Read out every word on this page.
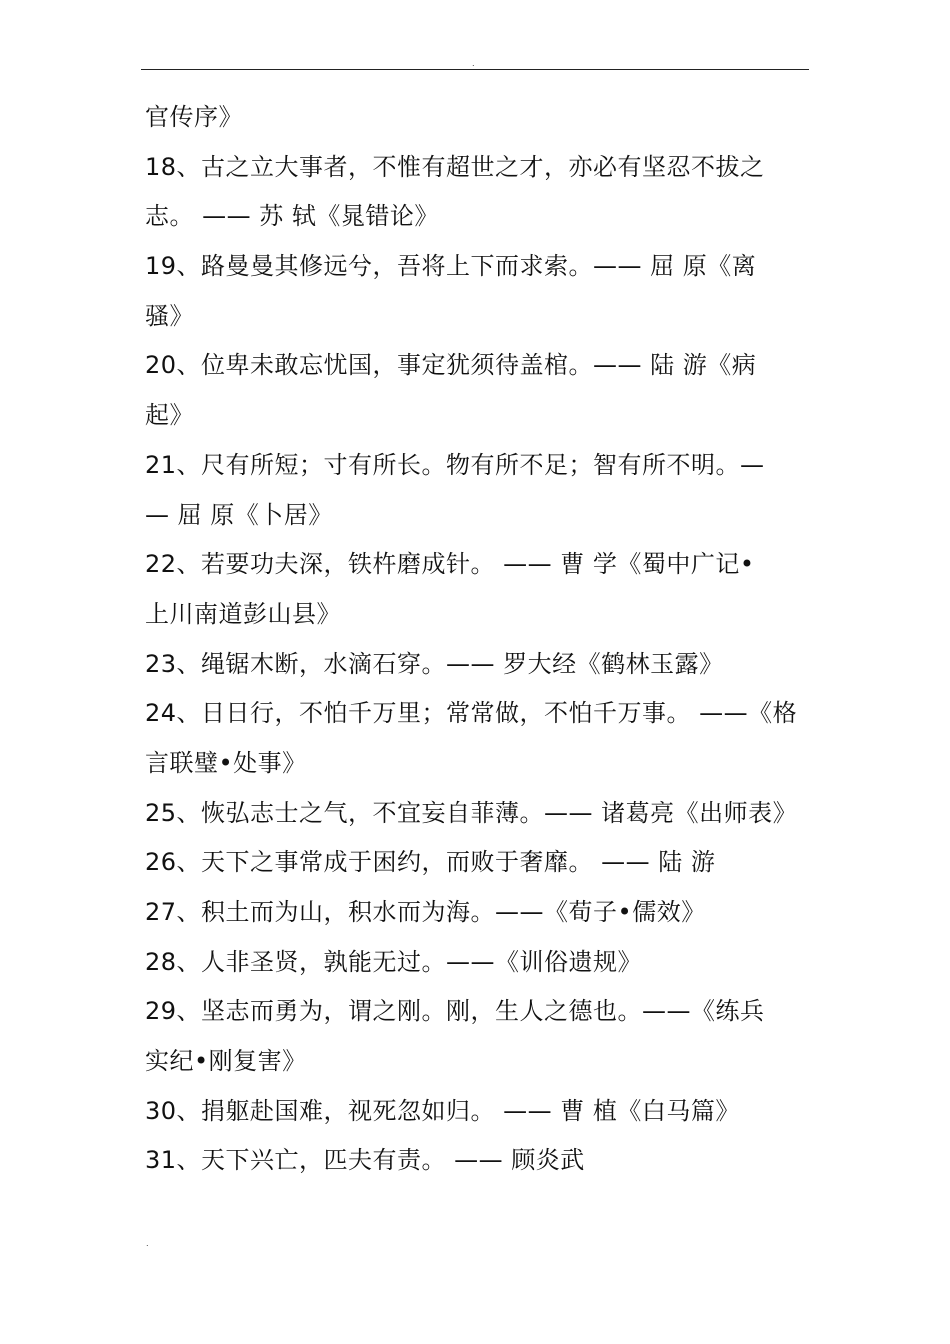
.
官传序》
18、古之立大事者，不惟有超世之才，亦必有坚忍不拔之
志。 —— 苏 轼《晁错论》
19、路曼曼其修远兮，吾将上下而求索。—— 屈 原《离
骚》
20、位卑未敢忘忧国，事定犹须待盖棺。—— 陆 游《病
起》
21、尺有所短；寸有所长。物有所不足；智有所不明。—
— 屈 原《卜居》
22、若要功夫深，铁杵磨成针。 —— 曹 学《蜀中广记•
上川南道彭山县》
23、绳锯木断，水滴石穿。—— 罗大经《鹤林玉露》
24、日日行，不怕千万里；常常做，不怕千万事。 ——《格
言联璧•处事》
25、恢弘志士之气，不宜妄自菲薄。—— 诸葛亮《出师表》
26、天下之事常成于困约，而败于奢靡。 —— 陆 游
27、积土而为山，积水而为海。——《荀子•儒效》
28、人非圣贤，孰能无过。——《训俗遗规》
29、坚志而勇为，谓之刚。刚，生人之德也。——《练兵
实纪•刚复害》
30、捐躯赴国难，视死忽如归。 —— 曹 植《白马篇》
31、天下兴亡，匹夫有责。 —— 顾炎武
.
